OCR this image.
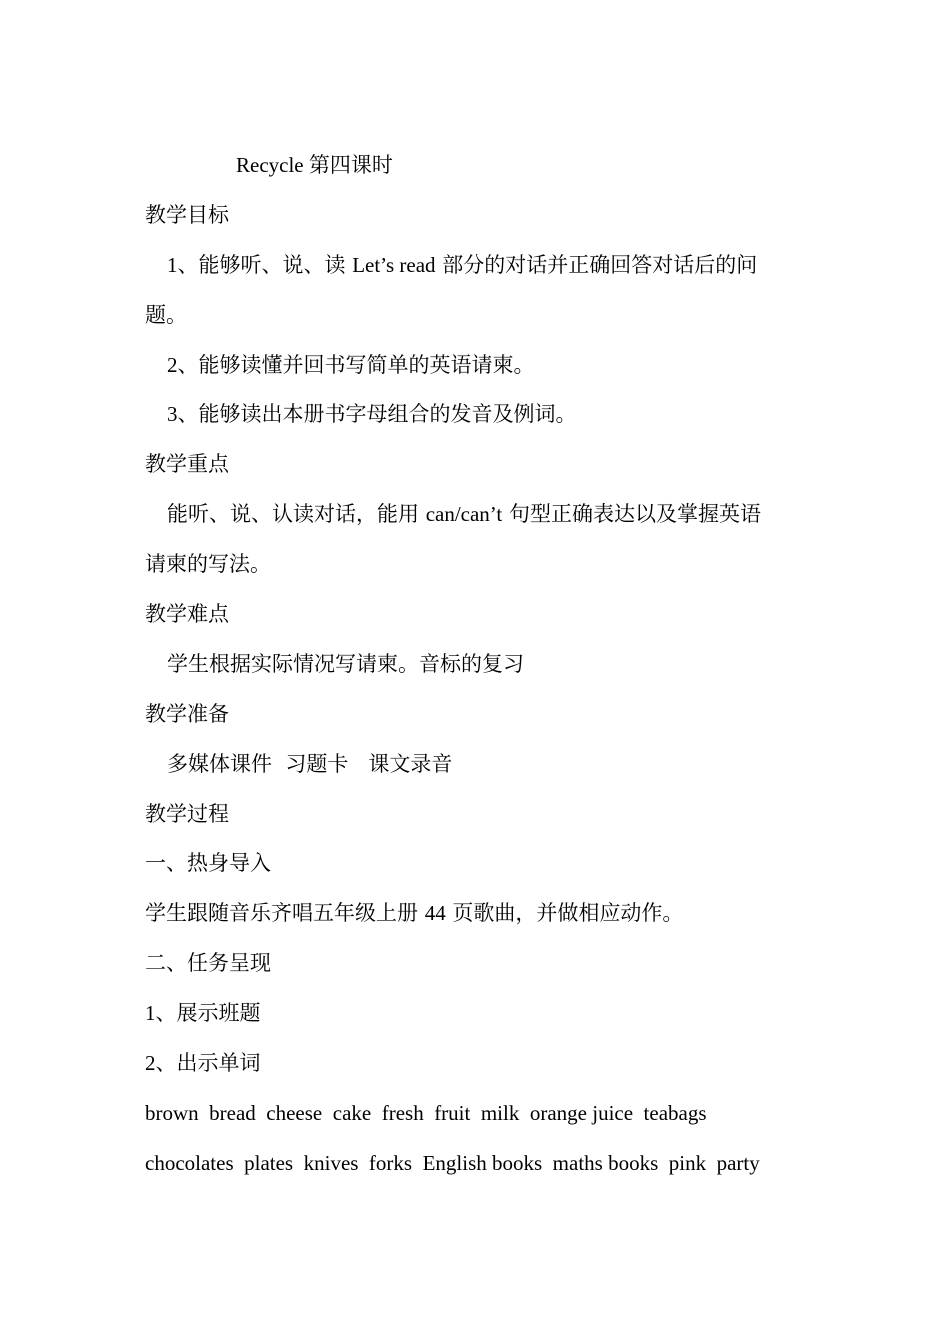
Recycle 第四课时
教学目标
1、能够听、说、读 Let’s read 部分的对话并正确回答对话后的问
题。
2、能够读懂并回书写简单的英语请柬。
3、能够读出本册书字母组合的发音及例词。
教学重点
能听、说、认读对话，能用 can/can’t 句型正确表达以及掌握英语
请柬的写法。
教学难点
学生根据实际情况写请柬。音标的复习
教学准备
多媒体课件  习题卡   课文录音
教学过程
一、热身导入
学生跟随音乐齐唱五年级上册 44 页歌曲，并做相应动作。
二、任务呈现
1、展示班题
2、出示单词
brown  bread  cheese  cake  fresh  fruit  milk  orange juice  teabags
chocolates  plates  knives  forks  English books  maths books  pink  party
